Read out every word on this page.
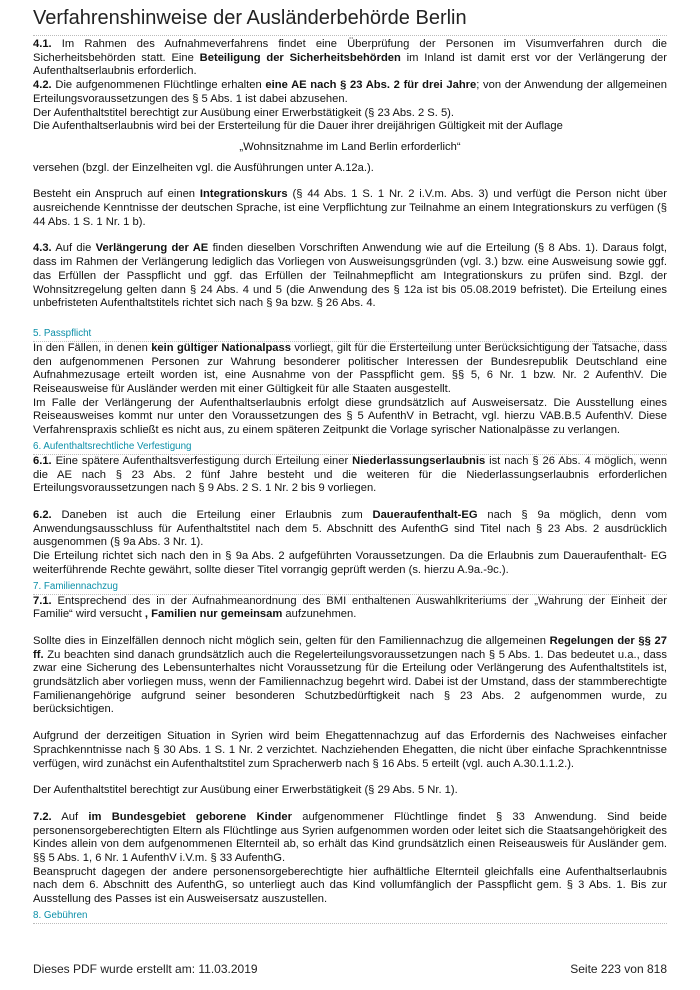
Verfahrenshinweise der Ausländerbehörde Berlin

4.1. Im Rahmen des Aufnahmeverfahrens findet eine Überprüfung der Personen im Visumverfahren durch die Sicherheitsbehörden statt. Eine Beteiligung der Sicherheitsbehörden im Inland ist damit erst vor der Verlängerung der Aufenthaltserlaubnis erforderlich.

4.2. Die aufgenommenen Flüchtlinge erhalten eine AE nach § 23 Abs. 2 für drei Jahre; von der Anwendung der allgemeinen Erteilungsvoraussetzungen des § 5 Abs. 1 ist dabei abzusehen.

Der Aufenthaltstitel berechtigt zur Ausübung einer Erwerbstätigkeit (§ 23 Abs. 2 S. 5).

Die Aufenthaltserlaubnis wird bei der Ersterteilung für die Dauer ihrer dreijährigen Gültigkeit mit der Auflage

„Wohnsitznahme im Land Berlin erforderlich“

versehen (bzgl. der Einzelheiten vgl. die Ausführungen unter A.12a.).

Besteht ein Anspruch auf einen Integrationskurs (§ 44 Abs. 1 S. 1 Nr. 2 i.V.m. Abs. 3) und verfügt die Person nicht über ausreichende Kenntnisse der deutschen Sprache, ist eine Verpflichtung zur Teilnahme an einem Integrationskurs zu verfügen (§ 44 Abs. 1 S. 1 Nr. 1 b).

4.3. Auf die Verlängerung der AE finden dieselben Vorschriften Anwendung wie auf die Erteilung (§ 8 Abs. 1). Daraus folgt, dass im Rahmen der Verlängerung lediglich das Vorliegen von Ausweisungsgründen (vgl. 3.) bzw. eine Ausweisung sowie ggf. das Erfüllen der Passpflicht und ggf. das Erfüllen der Teilnahmepflicht am Integrationskurs zu prüfen sind. Bzgl. der Wohnsitzregelung gelten dann § 24 Abs. 4 und 5 (die Anwendung des § 12a ist bis 05.08.2019 befristet). Die Erteilung eines unbefristeten Aufenthaltstitels richtet sich nach § 9a bzw. § 26 Abs. 4.

5. Passpflicht

In den Fällen, in denen kein gültiger Nationalpass vorliegt, gilt für die Ersterteilung unter Berücksichtigung der Tatsache, dass den aufgenommenen Personen zur Wahrung besonderer politischer Interessen der Bundesrepublik Deutschland eine Aufnahmezusage erteilt worden ist, eine Ausnahme von der Passpflicht gem. §§ 5, 6 Nr. 1 bzw. Nr. 2 AufenthV. Die Reiseausweise für Ausländer werden mit einer Gültigkeit für alle Staaten ausgestellt.

Im Falle der Verlängerung der Aufenthaltserlaubnis erfolgt diese grundsätzlich auf Ausweisersatz. Die Ausstellung eines Reiseausweises kommt nur unter den Voraussetzungen des § 5 AufenthV in Betracht, vgl. hierzu VAB.B.5 AufenthV. Diese Verfahrenspraxis schließt es nicht aus, zu einem späteren Zeitpunkt die Vorlage syrischer Nationalpässe zu verlangen.

6. Aufenthaltsrechtliche Verfestigung

6.1. Eine spätere Aufenthaltsverfestigung durch Erteilung einer Niederlassungserlaubnis ist nach § 26 Abs. 4 möglich, wenn die AE nach § 23 Abs. 2 fünf Jahre besteht und die weiteren für die Niederlassungserlaubnis erforderlichen Erteilungsvoraussetzungen nach § 9 Abs. 2 S. 1 Nr. 2 bis 9 vorliegen.

6.2. Daneben ist auch die Erteilung einer Erlaubnis zum Daueraufenthalt-EG nach § 9a möglich, denn vom Anwendungsausschluss für Aufenthaltstitel nach dem 5. Abschnitt des AufenthG sind Titel nach § 23 Abs. 2 ausdrücklich ausgenommen (§ 9a Abs. 3 Nr. 1).

Die Erteilung richtet sich nach den in § 9a Abs. 2 aufgeführten Voraussetzungen. Da die Erlaubnis zum Daueraufenthalt- EG weiterführende Rechte gewährt, sollte dieser Titel vorrangig geprüft werden (s. hierzu A.9a.-9c.).

7. Familiennachzug

7.1. Entsprechend des in der Aufnahmeanordnung des BMI enthaltenen Auswahlkriteriums der „Wahrung der Einheit der Familie“ wird versucht , Familien nur gemeinsam aufzunehmen.

Sollte dies in Einzelfällen dennoch nicht möglich sein, gelten für den Familiennachzug die allgemeinen Regelungen der §§ 27 ff. Zu beachten sind danach grundsätzlich auch die Regelerteilungsvoraussetzungen nach § 5 Abs. 1. Das bedeutet u.a., dass zwar eine Sicherung des Lebensunterhaltes nicht Voraussetzung für die Erteilung oder Verlängerung des Aufenthaltstitels ist, grundsätzlich aber vorliegen muss, wenn der Familiennachzug begehrt wird. Dabei ist der Umstand, dass der stammberechtigte Familienangehörige aufgrund seiner besonderen Schutzbedürftigkeit nach § 23 Abs. 2 aufgenommen wurde, zu berücksichtigen.

Aufgrund der derzeitigen Situation in Syrien wird beim Ehegattennachzug auf das Erfordernis des Nachweises einfacher Sprachkenntnisse nach § 30 Abs. 1 S. 1 Nr. 2 verzichtet. Nachziehenden Ehegatten, die nicht über einfache Sprachkenntnisse verfügen, wird zunächst ein Aufenthaltstitel zum Spracherwerb nach § 16 Abs. 5 erteilt (vgl. auch A.30.1.1.2.).

Der Aufenthaltstitel berechtigt zur Ausübung einer Erwerbstätigkeit (§ 29 Abs. 5 Nr. 1).

7.2. Auf im Bundesgebiet geborene Kinder aufgenommener Flüchtlinge findet § 33 Anwendung. Sind beide personensorgeberechtigten Eltern als Flüchtlinge aus Syrien aufgenommen worden oder leitet sich die Staatsangehörigkeit des Kindes allein von dem aufgenommenen Elternteil ab, so erhält das Kind grundsätzlich einen Reiseausweis für Ausländer gem. §§ 5 Abs. 1, 6 Nr. 1 AufenthV i.V.m. § 33 AufenthG.

Beansprucht dagegen der andere personensorgeberechtigte hier aufhältliche Elternteil gleichfalls eine Aufenthaltserlaubnis nach dem 6. Abschnitt des AufenthG, so unterliegt auch das Kind vollumfänglich der Passpflicht gem. § 3 Abs. 1. Bis zur Ausstellung des Passes ist ein Ausweisersatz auszustellen.

8. Gebühren
Dieses PDF wurde erstellt am: 11.03.2019	Seite 223 von 818
